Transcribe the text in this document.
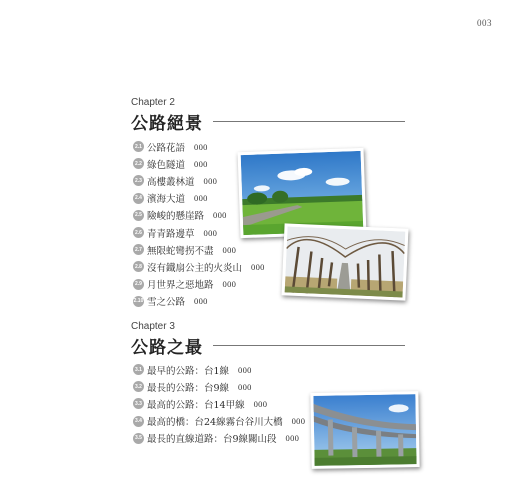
003
Chapter 2
公路絕景
2.1 公路花語 000
2.2 綠色隧道 000
2.3 高樓叢林道 000
2.4 濱海大道 000
2.5 險峻的懸崖路 000
2.6 青青路邊草 000
2.7 無限蛇彎拐不盡 000
2.8 沒有鐵扇公主的火炎山 000
2.9 月世界之惡地路 000
2.10 雪之公路 000
Chapter 3
公路之最
3.1 最早的公路：台1線 000
3.2 最長的公路：台9線 000
3.3 最高的公路：台14甲線 000
3.4 最高的橋：台24線霧台谷川大橋 000
3.5 最長的直線道路：台9線關山段 000
